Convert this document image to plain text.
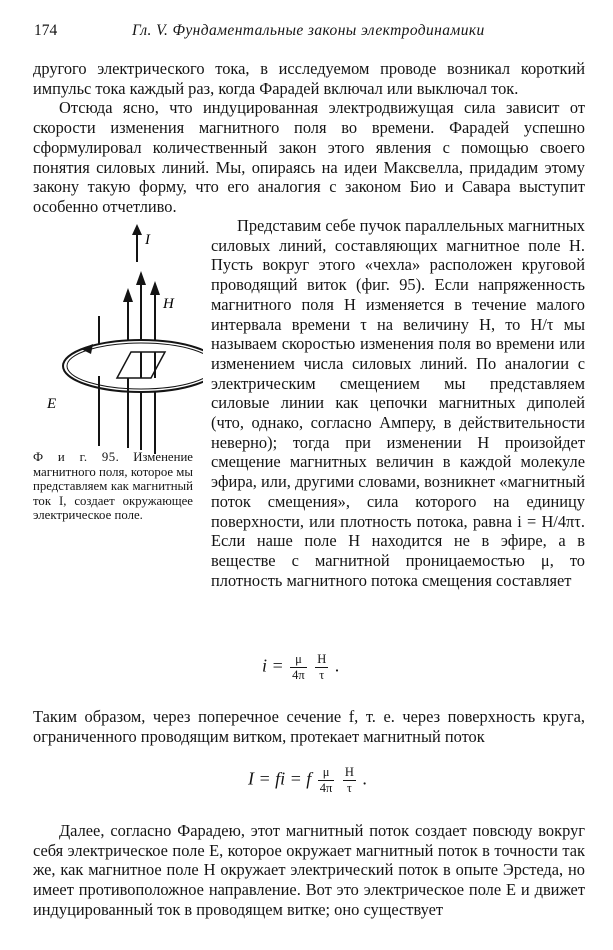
174	Гл. V. Фундаментальные законы электродинамики

другого электрического тока, в исследуемом проводе возникал короткий импульс тока каждый раз, когда Фарадей включал или выключал ток.

Отсюда ясно, что индуцированная электродвижущая сила зависит от скорости изменения магнитного поля во времени. Фарадей успешно сформулировал количественный закон этого явления с помощью своего понятия силовых линий. Мы, опираясь на идеи Максвелла, придадим этому закону такую форму, что его аналогия с законом Био и Савара выступит особенно отчетливо.

I
H
E
Ф и г. 95. Изменение магнитного поля, которое мы представляем как магнитный ток I, создает окружающее электрическое поле.

Представим себе пучок параллельных магнитных силовых линий, составляющих магнитное поле H. Пусть вокруг этого «чехла» расположен круговой проводящий виток (фиг. 95). Если напряженность магнитного поля H изменяется в течение малого интервала времени τ на величину Н, то Н/τ мы называем скоростью изменения поля во времени или изменением числа силовых линий. По аналогии с электрическим смещением мы представляем силовые линии как цепочки магнитных диполей (что, однако, согласно Амперу, в действительности неверно); тогда при изменении H произойдет смещение магнитных величин в каждой молекуле эфира, или, другими словами, возникнет «магнитный поток смещения», сила которого на единицу поверхности, или плотность потока, равна i = Н/4πτ. Если наше поле H находится не в эфире, а в веществе с магнитной проницаемостью μ, то плотность магнитного потока смещения составляет

$i = \frac{\mu}{4\pi}$
$\frac{Н}{\tau}$ .

Таким образом, через поперечное сечение f, т. е. через поверхность круга, ограниченного проводящим витком, протекает магнитный поток

I = fi = f $\frac{\mu}{4\pi}$
$\frac{Н}{\tau}$ .

Далее, согласно Фарадею, этот магнитный поток создает повсюду вокруг себя электрическое поле E, которое окружает магнитный поток в точности так же, как магнитное поле H окружает электрический поток в опыте Эрстеда, но имеет противоположное направление. Вот это электрическое поле E и движет индуцированный ток в проводящем витке; оно существует
